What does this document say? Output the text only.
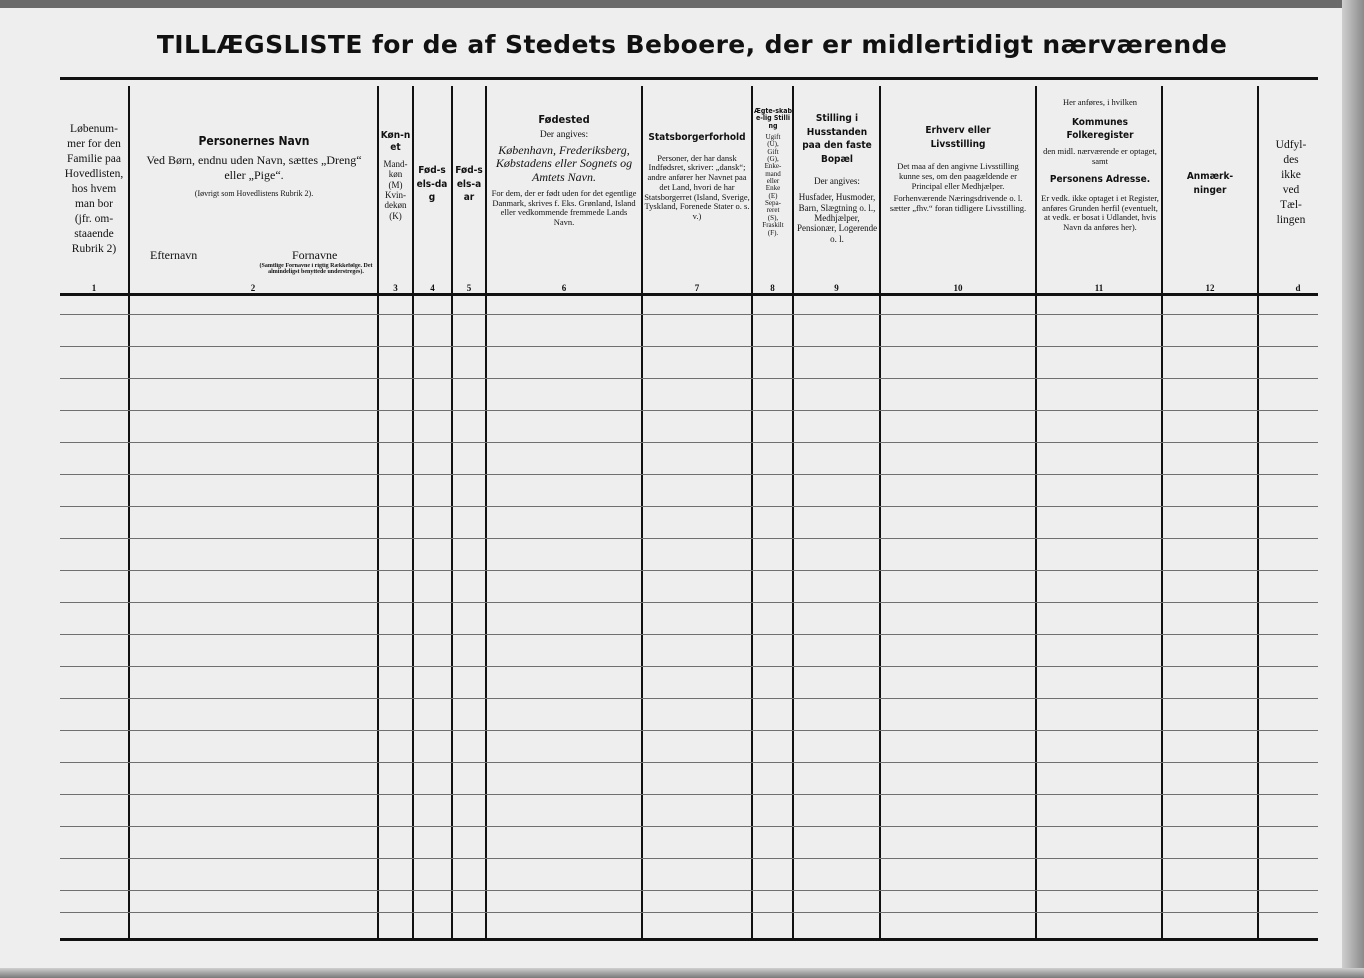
TILLÆGSLISTE for de af Stedets Beboere, der er midlertidigt nærværende
Løbenum-
mer for den
Familie paa
Hovedlisten,
hos hvem
man bor
(jfr. om-
staaende
Rubrik 2)
1
Personernes Navn
Ved Børn, endnu uden Navn, sættes „Dreng“ eller „Pige“.
(Iøvrigt som Hovedlistens Rubrik 2).
Efternavn	Fornavne
(Samtlige Fornavne i rigtig Rækkefølge. Det almindeligst benyttede understreges).
2
Køn-net
Mand-
køn
(M)
Kvin-
dekøn
(K)
3
Fød-sels-dag
4
Fød-sels-aar
5
Fødested
Der angives:
København, Frederiksberg, Købstadens eller Sognets og Amtets Navn.
For dem, der er født uden for det egentlige Danmark, skrives f. Eks. Grønland, Island eller vedkommende fremmede Lands Navn.
6
Statsborgerforhold
Personer, der har dansk Indfødsret, skriver: „dansk“; andre anfører her Navnet paa det Land, hvori de har Statsborgerret (Island, Sverige, Tyskland, Forenede Stater o. s. v.)
7
Ægte-skabe-lig Stilling
Ugift
(U),
Gift
(G),
Enke-
mand
eller
Enke
(E)
Sepa-
reret
(S),
Fraskilt
(F).
8
Stilling i Husstanden paa den faste Bopæl
Der angives:
Husfader, Husmoder, Barn, Slægtning o. l., Medhjælper, Pensionær, Logerende o. l.
9
Erhverv eller Livsstilling
Det maa af den angivne Livsstilling kunne ses, om den paagældende er Principal eller Medhjælper.
Forhenværende Næringsdrivende o. l. sætter „fhv.“ foran tidligere Livsstilling.
10
Her anføres, i hvilken
Kommunes Folkeregister
den midl. nærværende er optaget, samt
Personens Adresse.
Er vedk. ikke optaget i et Register, anføres Grunden herfil (eventuelt, at vedk. er bosat i Udlandet, hvis Navn da anføres her).
11
Anmærk-ninger
12
Udfyl-
des
ikke
ved
Tæl-
lingen
d
